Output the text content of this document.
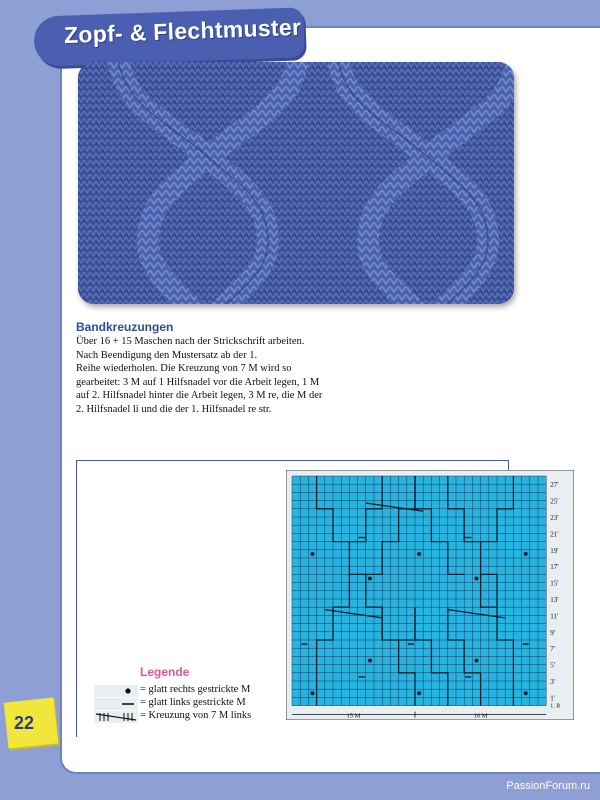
Zopf- & Flechtmuster
Bandkreuzungen
Über 16 + 15 Maschen nach der Strickschrift arbeiten.
Nach Beendigung den Mustersatz ab der 1.
Reihe wiederholen. Die Kreuzung von 7 M wird so
gearbeitet: 3 M auf 1 Hilfsnadel vor die Arbeit legen, 1 M
auf 2. Hilfsnadel hinter die Arbeit legen, 3 M re, die M der
2. Hilfsnadel li und die der 1. Hilfsnadel re str.
27'
25'
23'
21'
19'
17'
15'
13'
11'
9'
7'
5'
3'
1'
1. R
15 M	16 M
Legende
= glatt rechts gestrickte M
= glatt links gestrickte M
= Kreuzung von 7 M links
22
PassionForum.ru
